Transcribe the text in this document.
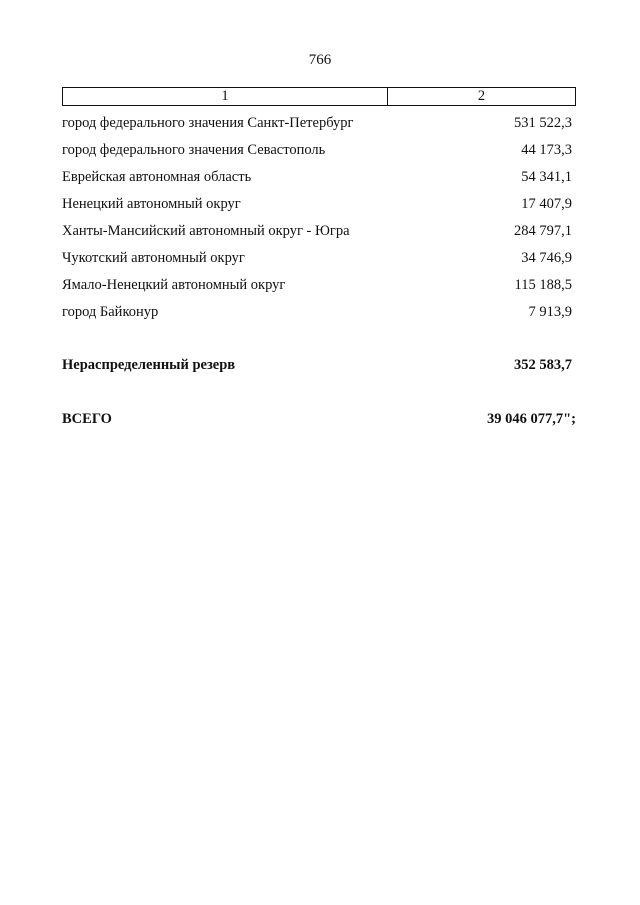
766
1	2
город федерального значения Санкт-Петербург	531 522,3
город федерального значения Севастополь	44 173,3
Еврейская автономная область	54 341,1
Ненецкий автономный округ	17 407,9
Ханты-Мансийский автономный округ - Югра	284 797,1
Чукотский автономный округ	34 746,9
Ямало-Ненецкий автономный округ	115 188,5
город Байконур	7 913,9
Нераспределенный резерв	352 583,7
ВСЕГО	39 046 077,7";
